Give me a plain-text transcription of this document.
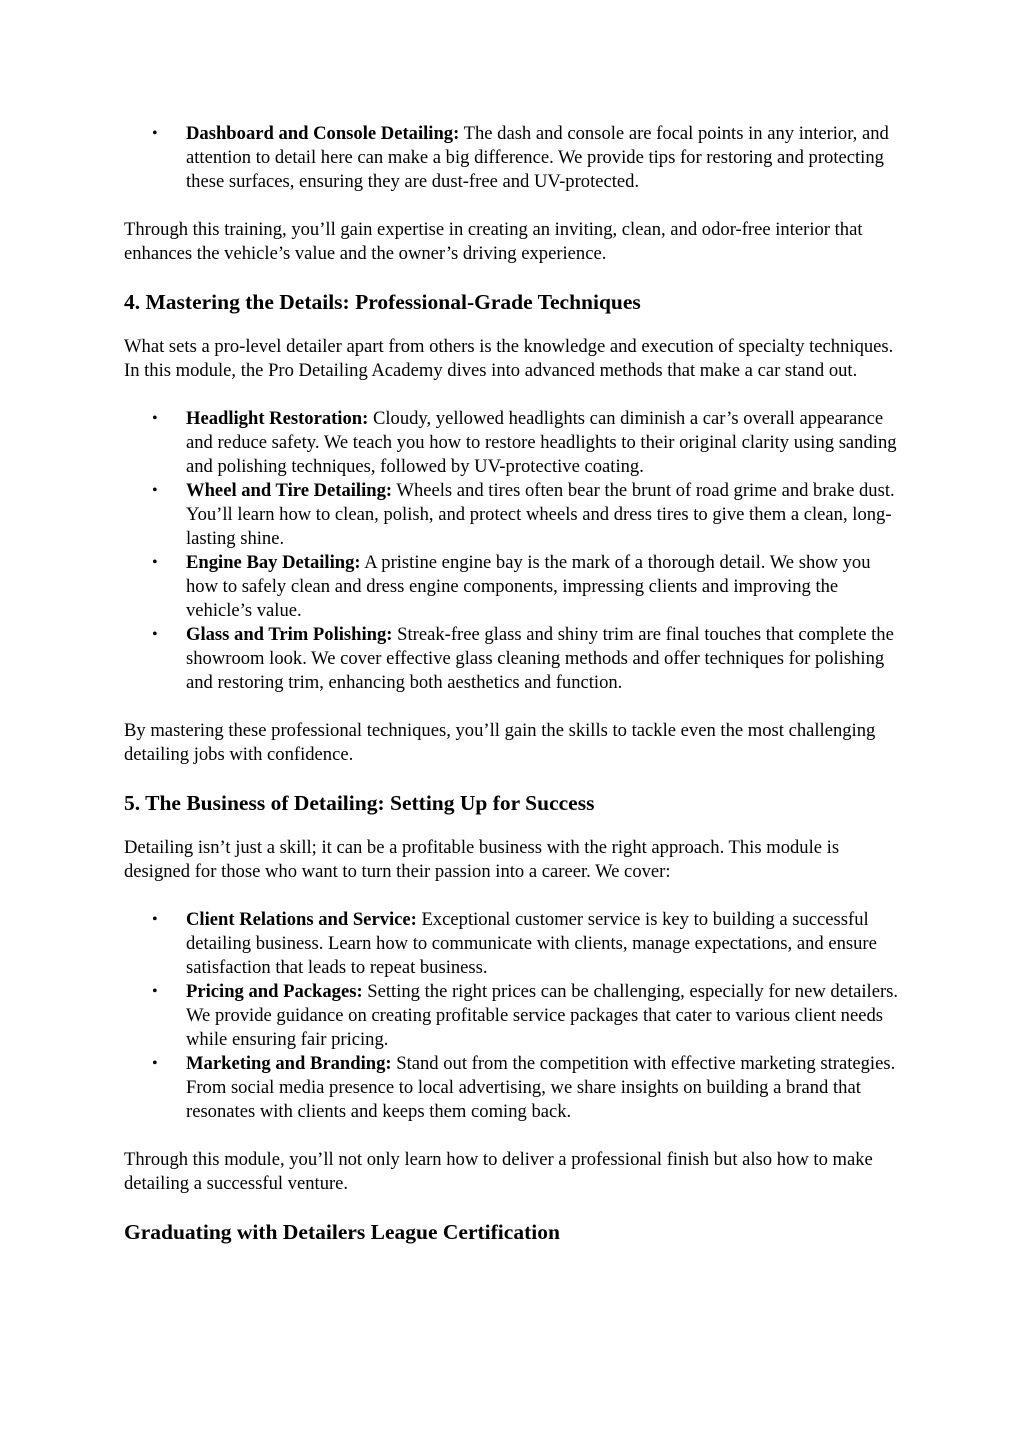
• Dashboard and Console Detailing: The dash and console are focal points in any interior, and attention to detail here can make a big difference. We provide tips for restoring and protecting these surfaces, ensuring they are dust-free and UV-protected.

Through this training, you’ll gain expertise in creating an inviting, clean, and odor-free interior that enhances the vehicle’s value and the owner’s driving experience.

4. Mastering the Details: Professional-Grade Techniques

What sets a pro-level detailer apart from others is the knowledge and execution of specialty techniques. In this module, the Pro Detailing Academy dives into advanced methods that make a car stand out.

• Headlight Restoration: Cloudy, yellowed headlights can diminish a car’s overall appearance and reduce safety. We teach you how to restore headlights to their original clarity using sanding and polishing techniques, followed by UV-protective coating.
• Wheel and Tire Detailing: Wheels and tires often bear the brunt of road grime and brake dust. You’ll learn how to clean, polish, and protect wheels and dress tires to give them a clean, long-lasting shine.
• Engine Bay Detailing: A pristine engine bay is the mark of a thorough detail. We show you how to safely clean and dress engine components, impressing clients and improving the vehicle’s value.
• Glass and Trim Polishing: Streak-free glass and shiny trim are final touches that complete the showroom look. We cover effective glass cleaning methods and offer techniques for polishing and restoring trim, enhancing both aesthetics and function.

By mastering these professional techniques, you’ll gain the skills to tackle even the most challenging detailing jobs with confidence.

5. The Business of Detailing: Setting Up for Success

Detailing isn’t just a skill; it can be a profitable business with the right approach. This module is designed for those who want to turn their passion into a career. We cover:

• Client Relations and Service: Exceptional customer service is key to building a successful detailing business. Learn how to communicate with clients, manage expectations, and ensure satisfaction that leads to repeat business.
• Pricing and Packages: Setting the right prices can be challenging, especially for new detailers. We provide guidance on creating profitable service packages that cater to various client needs while ensuring fair pricing.
• Marketing and Branding: Stand out from the competition with effective marketing strategies. From social media presence to local advertising, we share insights on building a brand that resonates with clients and keeps them coming back.

Through this module, you’ll not only learn how to deliver a professional finish but also how to make detailing a successful venture.

Graduating with Detailers League Certification
